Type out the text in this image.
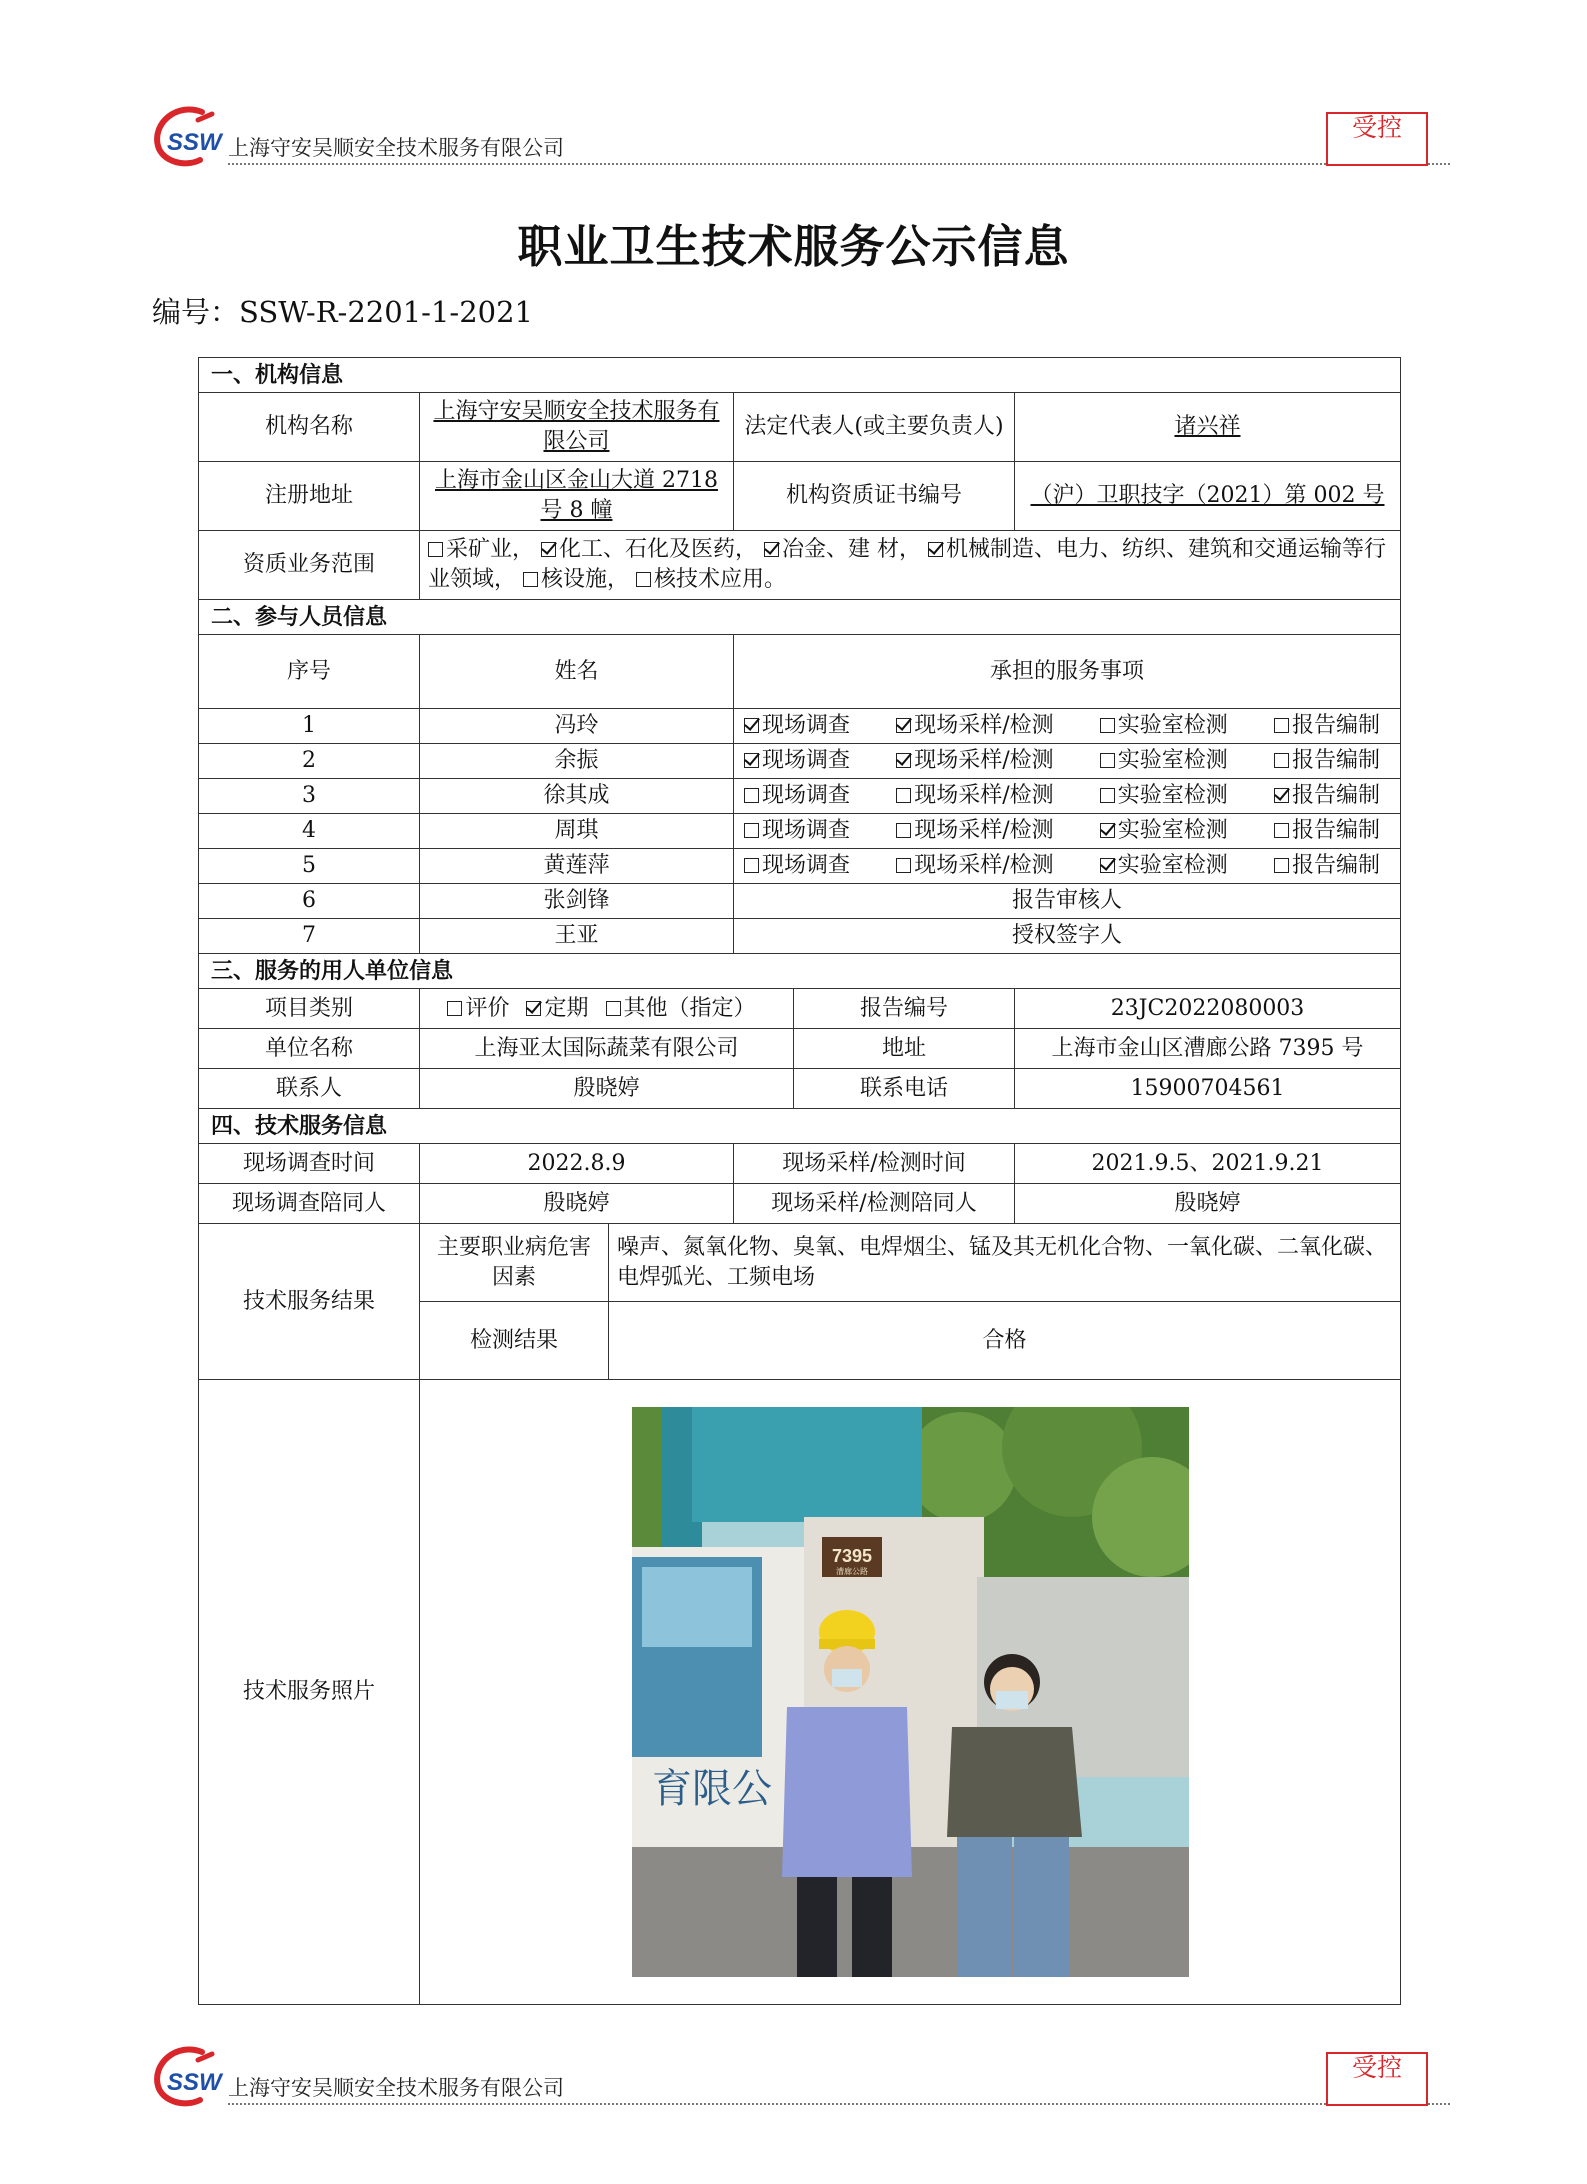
SSW 上海守安吴顺安全技术服务有限公司
受控
职业卫生技术服务公示信息
编号：SSW-R-2201-1-2021
一、机构信息					
机构名称	上海守安吴顺安全技术服务有限公司		法定代表人(或主要负责人)		诸兴祥
注册地址	上海市金山区金山大道 2718 号 8 幢		机构资质证书编号		（沪）卫职技字（2021）第 002 号
资质业务范围	采矿业， 化工、石化及医药， 冶金、建 材， 机械制造、电力、纺织、建筑和交通运输等行业领域， 核设施， 核技术应用。				
二、参与人员信息					
序号	姓名		承担的服务事项		
1	冯玲		现场调查 现场采样/检测 实验室检测 报告编制		

2	余振		现场调查 现场采样/检测 实验室检测 报告编制		

3	徐其成		现场调查 现场采样/检测 实验室检测 报告编制		

4	周琪		现场调查 现场采样/检测 实验室检测 报告编制		

5	黄莲萍		现场调查 现场采样/检测 实验室检测 报告编制		

6	张剑锋		报告审核人		
7	王亚		授权签字人		
三、服务的用人单位信息					
项目类别	评价 定期 其他（指定）			报告编号	23JC2022080003
单位名称	上海亚太国际蔬菜有限公司			地址	上海市金山区漕廊公路 7395 号
联系人	殷晓婷			联系电话	15900704561
四、技术服务信息					
现场调查时间	2022.8.9		现场采样/检测时间		2021.9.5、2021.9.21
现场调查陪同人	殷晓婷		现场采样/检测陪同人		殷晓婷
技术服务结果	主要职业病危害因素	噪声、氮氧化物、臭氧、电焊烟尘、锰及其无机化合物、一氧化碳、二氧化碳、电焊弧光、工频电场			
	检测结果	合格			
技术服务照片	7395
漕廊公路
育限公				
SSW 上海守安吴顺安全技术服务有限公司
受控
